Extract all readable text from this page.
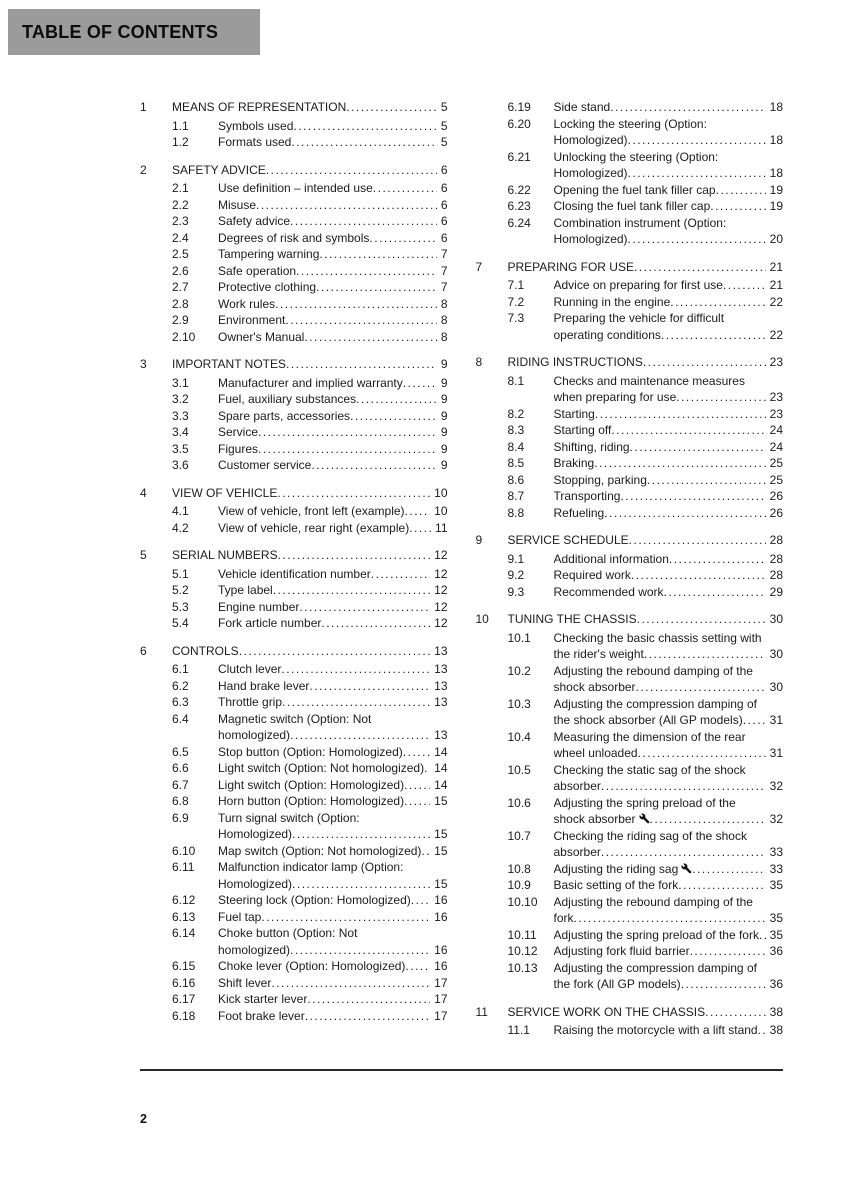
TABLE OF CONTENTS
1	MEANS OF REPRESENTATION .....	5
1.1	Symbols used .....	5
1.2	Formats used .....	5
2	SAFETY ADVICE .....	6
2.1	Use definition – intended use .....	6
2.2	Misuse .....	6
2.3	Safety advice .....	6
2.4	Degrees of risk and symbols .....	6
2.5	Tampering warning .....	7
2.6	Safe operation .....	7
2.7	Protective clothing .....	7
2.8	Work rules .....	8
2.9	Environment .....	8
2.10	Owner's Manual .....	8
3	IMPORTANT NOTES .....	9
3.1	Manufacturer and implied warranty .....	9
3.2	Fuel, auxiliary substances .....	9
3.3	Spare parts, accessories .....	9
3.4	Service .....	9
3.5	Figures .....	9
3.6	Customer service .....	9
4	VIEW OF VEHICLE .....	10
4.1	View of vehicle, front left (example) .....	10
4.2	View of vehicle, rear right (example) .....	11
5	SERIAL NUMBERS .....	12
5.1	Vehicle identification number .....	12
5.2	Type label .....	12
5.3	Engine number .....	12
5.4	Fork article number .....	12
6	CONTROLS .....	13
6.1	Clutch lever .....	13
6.2	Hand brake lever .....	13
6.3	Throttle grip .....	13
6.4	Magnetic switch (Option: Not homologized) .....	13
6.5	Stop button (Option: Homologized) .....	14
6.6	Light switch (Option: Not homologized) ..... 14
6.7	Light switch (Option: Homologized) .....	14
6.8	Horn button (Option: Homologized) .....	15
6.9	Turn signal switch (Option: Homologized) .....	15
6.10	Map switch (Option: Not homologized) .....	15
6.11	Malfunction indicator lamp (Option: Homologized) .....	15
6.12	Steering lock (Option: Homologized) .....	16
6.13	Fuel tap .....	16
6.14	Choke button (Option: Not homologized) .....	16
6.15	Choke lever (Option: Homologized) .....	16
6.16	Shift lever .....	17
6.17	Kick starter lever .....	17
6.18	Foot brake lever .....	17
6.19	Side stand .....	18
6.20	Locking the steering (Option: Homologized) .....	18
6.21	Unlocking the steering (Option: Homologized) .....	18
6.22	Opening the fuel tank filler cap .....	19
6.23	Closing the fuel tank filler cap .....	19
6.24	Combination instrument (Option: Homologized) .....	20
7	PREPARING FOR USE .....	21
7.1	Advice on preparing for first use .....	21
7.2	Running in the engine .....	22
7.3	Preparing the vehicle for difficult operating conditions .....	22
8	RIDING INSTRUCTIONS .....	23
8.1	Checks and maintenance measures when preparing for use .....	23
8.2	Starting .....	23
8.3	Starting off .....	24
8.4	Shifting, riding .....	24
8.5	Braking .....	25
8.6	Stopping, parking .....	25
8.7	Transporting .....	26
8.8	Refueling .....	26
9	SERVICE SCHEDULE .....	28
9.1	Additional information .....	28
9.2	Required work .....	28
9.3	Recommended work .....	29
10	TUNING THE CHASSIS .....	30
10.1	Checking the basic chassis setting with the rider's weight .....	30
10.2	Adjusting the rebound damping of the shock absorber .....	30
10.3	Adjusting the compression damping of the shock absorber (All GP models) .....	31
10.4	Measuring the dimension of the rear wheel unloaded .....	31
10.5	Checking the static sag of the shock absorber .....	32
10.6	Adjusting the spring preload of the shock absorber .....	32
10.7	Checking the riding sag of the shock absorber .....	33
10.8	Adjusting the riding sag .....	33
10.9	Basic setting of the fork .....	35
10.10	Adjusting the rebound damping of the fork .....	35
10.11	Adjusting the spring preload of the fork ..... 35
10.12	Adjusting fork fluid barrier .....	36
10.13	Adjusting the compression damping of the fork (All GP models) .....	36
11	SERVICE WORK ON THE CHASSIS .....	38
11.1	Raising the motorcycle with a lift stand .....	38
2
